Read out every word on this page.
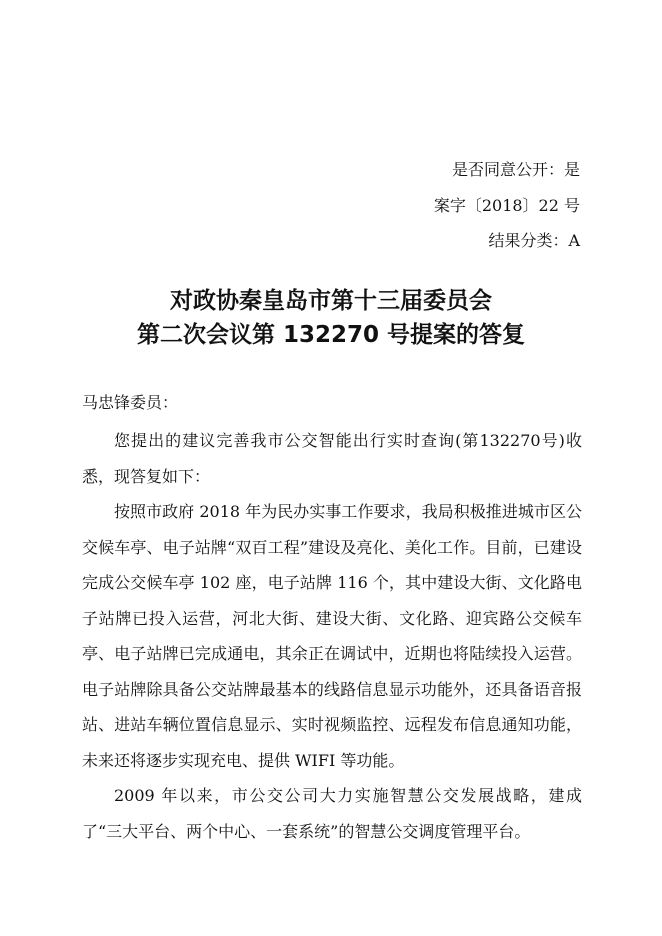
是否同意公开：是
案字〔2018〕22 号
结果分类：A
对政协秦皇岛市第十三届委员会
第二次会议第 132270 号提案的答复
马忠锋委员：

您提出的建议完善我市公交智能出行实时查询(第132270号)收悉，现答复如下：

按照市政府 2018 年为民办实事工作要求，我局积极推进城市区公交候车亭、电子站牌“双百工程”建设及亮化、美化工作。目前，已建设完成公交候车亭 102 座，电子站牌 116 个，其中建设大街、文化路电子站牌已投入运营，河北大街、建设大街、文化路、迎宾路公交候车亭、电子站牌已完成通电，其余正在调试中，近期也将陆续投入运营。电子站牌除具备公交站牌最基本的线路信息显示功能外，还具备语音报站、进站车辆位置信息显示、实时视频监控、远程发布信息通知功能，未来还将逐步实现充电、提供 WIFI 等功能。

2009 年以来，市公交公司大力实施智慧公交发展战略，建成了“三大平台、两个中心、一套系统”的智慧公交调度管理平台。
